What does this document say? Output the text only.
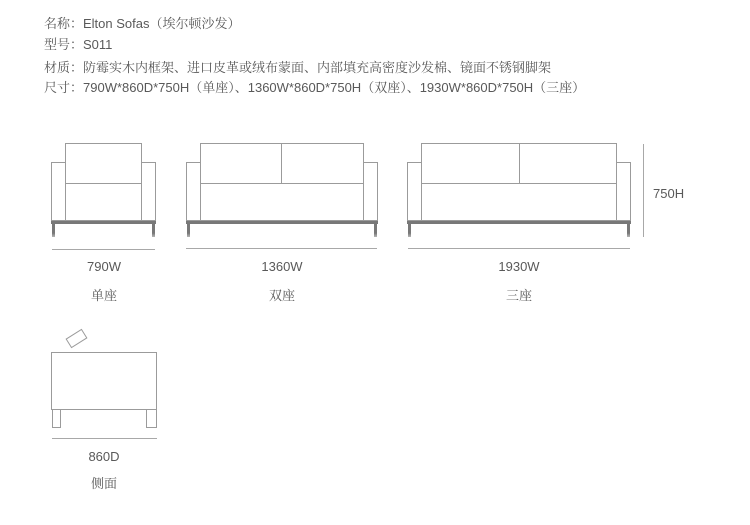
名称：Elton Sofas（埃尔顿沙发）
型号：S011
材质：防霉实木内框架、进口皮革或绒布蒙面、内部填充高密度沙发棉、镜面不锈钢脚架
尺寸：790W*860D*750H（单座）、1360W*860D*750H（双座）、1930W*860D*750H（三座）
790W
单座
1360W
双座
1930W
三座
750H
860D
侧面
